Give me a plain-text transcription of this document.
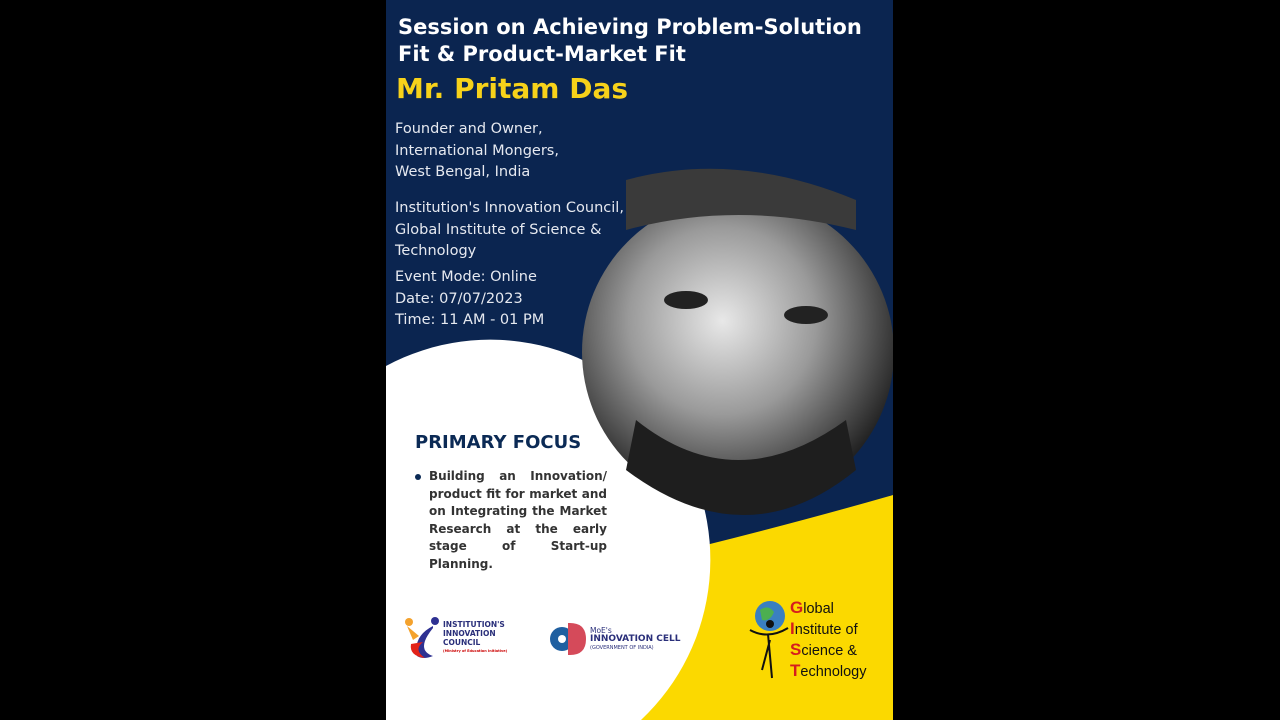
Session on Achieving Problem-Solution Fit & Product-Market Fit

Mr. Pritam Das

Founder and Owner,
International Mongers,
West Bengal, India
Institution's Innovation Council,
Global Institute of Science &
Technology
Event Mode: Online
Date: 07/07/2023
Time: 11 AM - 01 PM

PRIMARY FOCUS

Building an Innovation/ product fit for market and on Integrating the Market Research at the early stage of Start-up Planning.
INSTITUTION'S
INNOVATION
COUNCIL
(Ministry of Education Initiative)
MoE's
INNOVATION CELL
(GOVERNMENT OF INDIA)
Global
Institute of
Science &
Technology
